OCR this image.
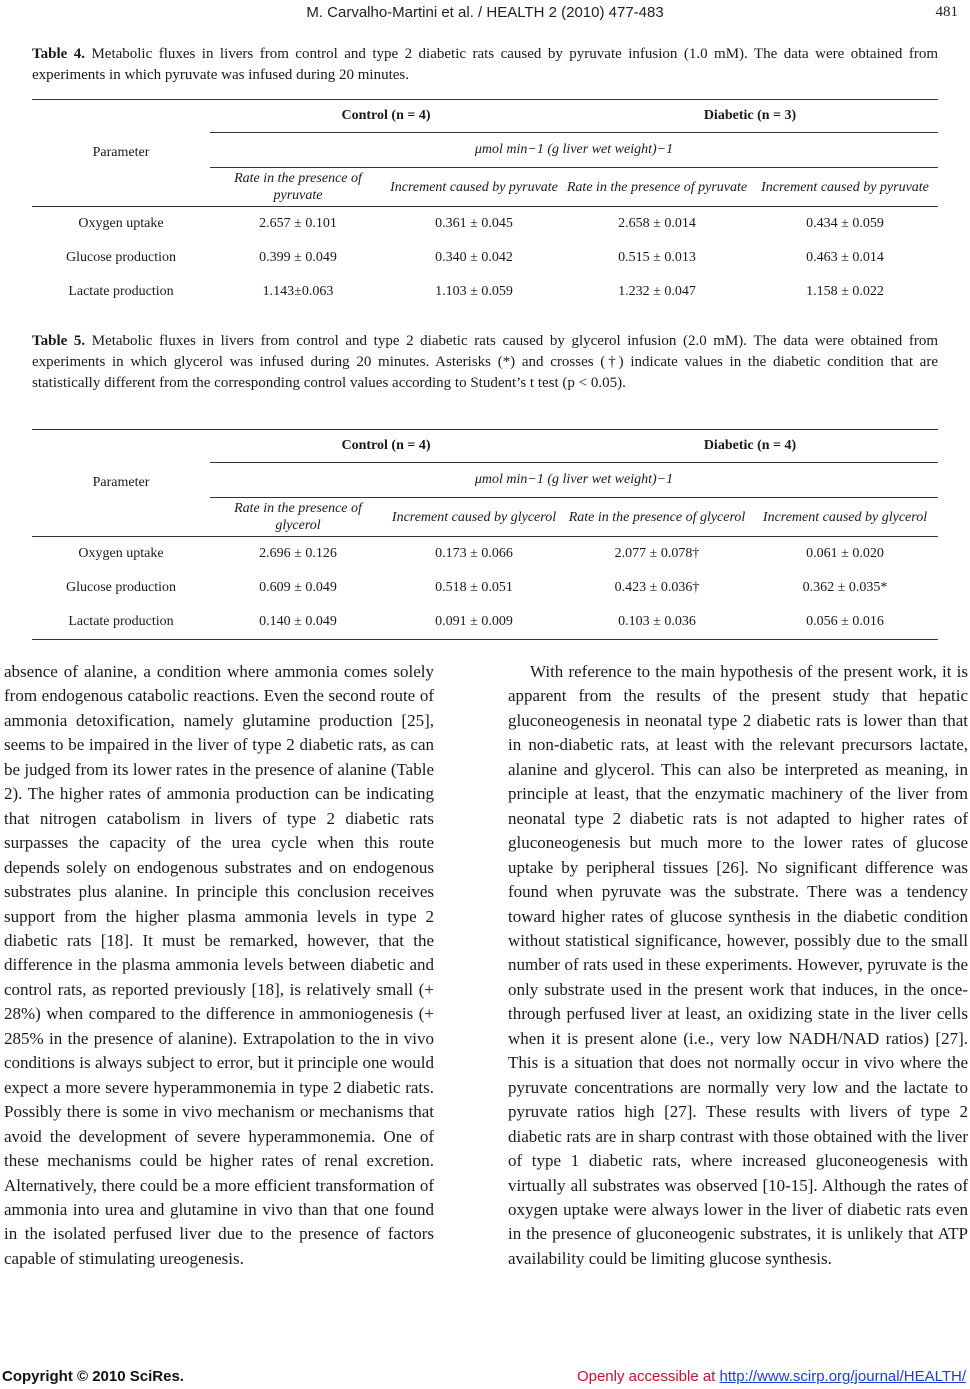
M. Carvalho-Martini et al. / HEALTH 2 (2010) 477-483	481
Table 4. Metabolic fluxes in livers from control and type 2 diabetic rats caused by pyruvate infusion (1.0 mM). The data were obtained from experiments in which pyruvate was infused during 20 minutes.
Parameter	Control (n = 4)		Diabetic (n = 3)	
	μmol min−1 (g liver wet weight)−1			
	Rate in the presence of pyruvate	Increment caused by pyruvate	Rate in the presence of pyruvate	Increment caused by pyruvate
Oxygen uptake	2.657 ± 0.101	0.361 ± 0.045	2.658 ± 0.014	0.434 ± 0.059
Glucose production	0.399 ± 0.049	0.340 ± 0.042	0.515 ± 0.013	0.463 ± 0.014
Lactate production	1.143±0.063	1.103 ± 0.059	1.232 ± 0.047	1.158 ± 0.022
Table 5. Metabolic fluxes in livers from control and type 2 diabetic rats caused by glycerol infusion (2.0 mM). The data were obtained from experiments in which glycerol was infused during 20 minutes. Asterisks (*) and crosses (†) indicate values in the diabetic condition that are statistically different from the corresponding control values according to Student’s t test (p < 0.05).
Parameter	Control (n = 4)		Diabetic (n = 4)	
	μmol min−1 (g liver wet weight)−1			
	Rate in the presence of glycerol	Increment caused by glycerol	Rate in the presence of glycerol	Increment caused by glycerol
Oxygen uptake	2.696 ± 0.126	0.173 ± 0.066	2.077 ± 0.078†	0.061 ± 0.020
Glucose production	0.609 ± 0.049	0.518 ± 0.051	0.423 ± 0.036†	0.362 ± 0.035*
Lactate production	0.140 ± 0.049	0.091 ± 0.009	0.103 ± 0.036	0.056 ± 0.016

absence of alanine, a condition where ammonia comes solely from endogenous catabolic reactions. Even the second route of ammonia detoxification, namely glutamine production [25], seems to be impaired in the liver of type 2 diabetic rats, as can be judged from its lower rates in the presence of alanine (Table 2). The higher rates of ammonia production can be indicating that nitrogen catabolism in livers of type 2 diabetic rats surpasses the capacity of the urea cycle when this route depends solely on endogenous substrates and on endogenous substrates plus alanine. In principle this conclusion receives support from the higher plasma ammonia levels in type 2 diabetic rats [18]. It must be remarked, however, that the difference in the plasma ammonia levels between diabetic and control rats, as reported previously [18], is relatively small (+ 28%) when compared to the difference in ammoniogenesis (+ 285% in the presence of alanine). Extrapolation to the in vivo conditions is always subject to error, but it principle one would expect a more severe hyperammonemia in type 2 diabetic rats. Possibly there is some in vivo mechanism or mechanisms that avoid the development of severe hyperammonemia. One of these mechanisms could be higher rates of renal excretion. Alternatively, there could be a more efficient transformation of ammonia into urea and glutamine in vivo than that one found in the isolated perfused liver due to the presence of factors capable of stimulating ureogenesis.

With reference to the main hypothesis of the present work, it is apparent from the results of the present study that hepatic gluconeogenesis in neonatal type 2 diabetic rats is lower than that in non-diabetic rats, at least with the relevant precursors lactate, alanine and glycerol. This can also be interpreted as meaning, in principle at least, that the enzymatic machinery of the liver from neonatal type 2 diabetic rats is not adapted to higher rates of gluconeogenesis but much more to the lower rates of glucose uptake by peripheral tissues [26]. No significant difference was found when pyruvate was the substrate. There was a tendency toward higher rates of glucose synthesis in the diabetic condition without statistical significance, however, possibly due to the small number of rats used in these experiments. However, pyruvate is the only substrate used in the present work that induces, in the once-through perfused liver at least, an oxidizing state in the liver cells when it is present alone (i.e., very low NADH/NAD ratios) [27]. This is a situation that does not normally occur in vivo where the pyruvate concentrations are normally very low and the lactate to pyruvate ratios high [27]. These results with livers of type 2 diabetic rats are in sharp contrast with those obtained with the liver of type 1 diabetic rats, where increased gluconeogenesis with virtually all substrates was observed [10-15]. Although the rates of oxygen uptake were always lower in the liver of diabetic rats even in the presence of gluconeogenic substrates, it is unlikely that ATP availability could be limiting glucose synthesis.

Copyright © 2010 SciRes.	Openly accessible at http://www.scirp.org/journal/HEALTH/
